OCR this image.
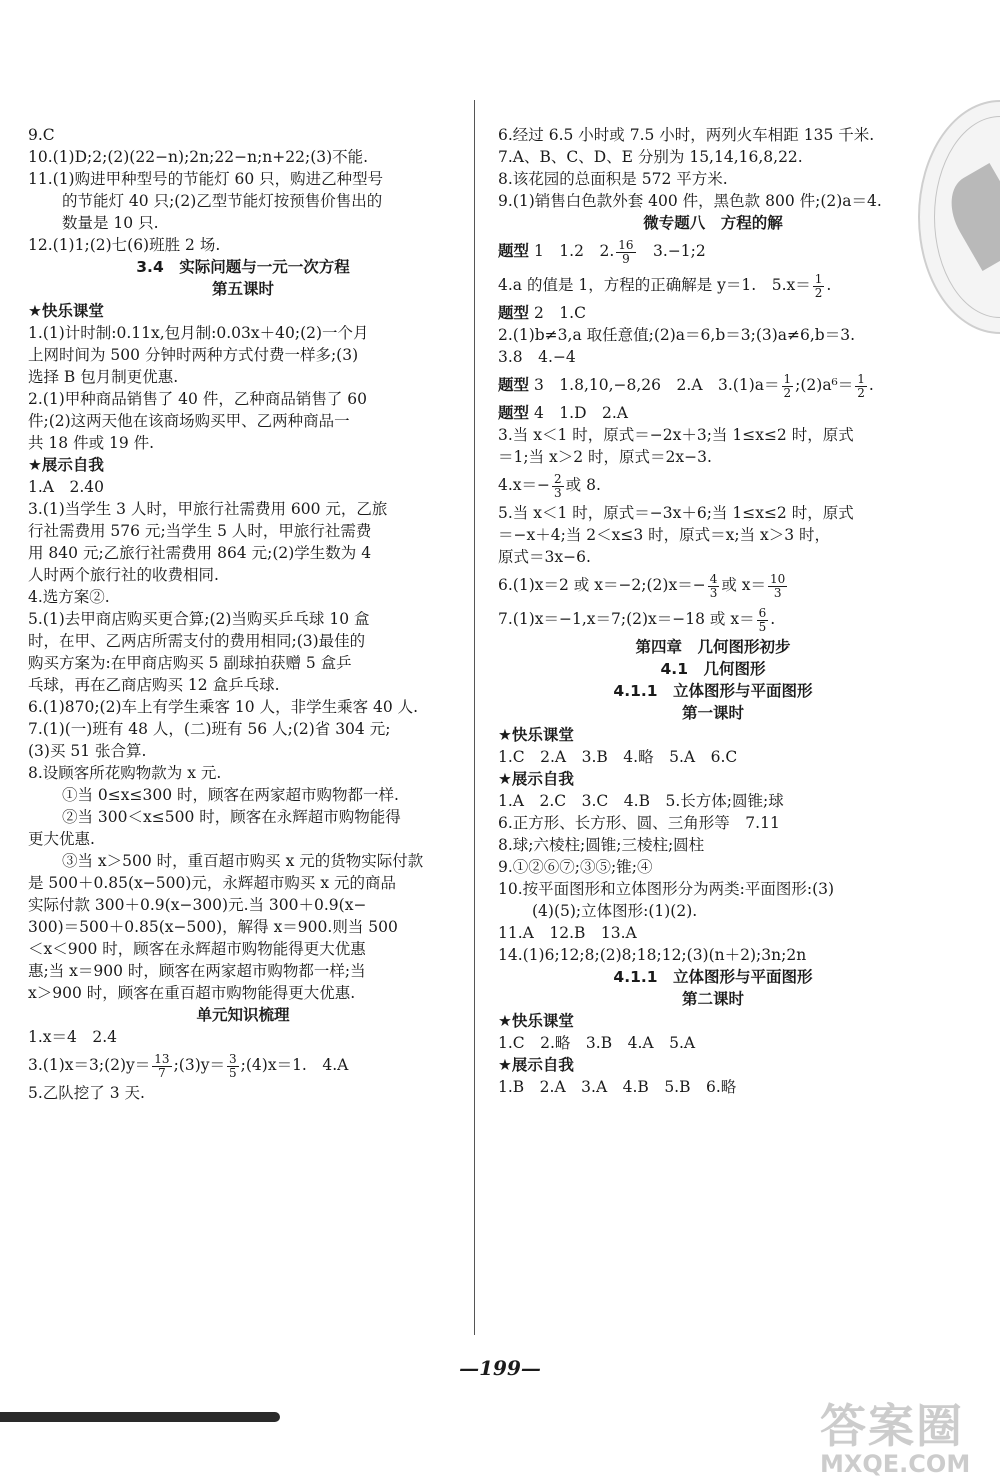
9.C
10.(1)D;2;(2)(22−n);2n;22−n;n+22;(3)不能.
11.(1)购进甲种型号的节能灯 60 只，购进乙种型号
的节能灯 40 只;(2)乙型节能灯按预售价售出的
数量是 10 只.
12.(1)1;(2)七(6)班胜 2 场.
3.4　实际问题与一元一次方程
第五课时
★快乐课堂
1.(1)计时制:0.11x,包月制:0.03x＋40;(2)一个月
上网时间为 500 分钟时两种方式付费一样多;(3)
选择 B 包月制更优惠.
2.(1)甲种商品销售了 40 件，乙种商品销售了 60
件;(2)这两天他在该商场购买甲、乙两种商品一
共 18 件或 19 件.
★展示自我
1.A　2.40
3.(1)当学生 3 人时，甲旅行社需费用 600 元，乙旅
行社需费用 576 元;当学生 5 人时，甲旅行社需费
用 840 元;乙旅行社需费用 864 元;(2)学生数为 4
人时两个旅行社的收费相同.
4.选方案②.
5.(1)去甲商店购买更合算;(2)当购买乒乓球 10 盒
时，在甲、乙两店所需支付的费用相同;(3)最佳的
购买方案为:在甲商店购买 5 副球拍获赠 5 盒乒
乓球，再在乙商店购买 12 盒乒乓球.
6.(1)870;(2)车上有学生乘客 10 人，非学生乘客 40 人.
7.(1)(一)班有 48 人，(二)班有 56 人;(2)省 304 元;
(3)买 51 张合算.
8.设顾客所花购物款为 x 元.
①当 0≤x≤300 时，顾客在两家超市购物都一样.
②当 300＜x≤500 时，顾客在永辉超市购物能得
更大优惠.
③当 x＞500 时，重百超市购买 x 元的货物实际付款
是 500＋0.85(x−500)元，永辉超市购买 x 元的商品
实际付款 300＋0.9(x−300)元.当 300＋0.9(x−
300)＝500＋0.85(x−500)，解得 x＝900.则当 500
＜x＜900 时，顾客在永辉超市购物能得更大优惠
惠;当 x＝900 时，顾客在两家超市购物都一样;当
x＞900 时，顾客在重百超市购物能得更大优惠.
单元知识梳理
1.x＝4　2.4
3.(1)x＝3;(2)y＝ $\frac{13}{7}$ ;(3)y＝ $\frac{3}{5}$ ;(4)x＝1.　4.A
5.乙队挖了 3 天.
6.经过 6.5 小时或 7.5 小时，两列火车相距 135 千米.
7.A、B、C、D、E 分别为 15,14,16,8,22.
8.该花园的总面积是 572 平方米.
9.(1)销售白色款外套 400 件，黑色款 800 件;(2)a＝4.
微专题八　方程的解
题型 1　1.2　2. $\frac{16}{9}$ 　3.−1;2
4.a 的值是 1，方程的正确解是 y＝1.　$5.x= \frac{1}{2}$ .
题型 2　1.C
2.(1)b≠3,a 取任意值;(2)a＝6,b＝3;(3)a≠6,b＝3.
3.8　4.−4
题型 3　1.8,10,−8,26　2.A　$3.(1)a= \frac{1}{2}$ ;(2)a⁶＝ $\frac{1}{2}$ .
题型 4　1.D　2.A
3.当 x＜1 时，原式＝−2x＋3;当 1≤x≤2 时，原式
＝1;当 x＞2 时，原式＝2x−3.
$4.x=- \frac{2}{3}$ 或 8.
5.当 x＜1 时，原式＝−3x＋6;当 1≤x≤2 时，原式
＝−x＋4;当 2＜x≤3 时，原式＝x;当 x＞3 时，
原式＝3x−6.
6.(1)x＝2 或 x＝−2;(2)x＝− $\frac{4}{3}$ 或 $x= \frac{10}{3}$
7.(1)x＝−1,x＝7;(2)x＝−18 或 $x= \frac{6}{5}$ .
第四章　几何图形初步
4.1　几何图形
4.1.1　立体图形与平面图形
第一课时
★快乐课堂
1.C　2.A　3.B　4.略　5.A　6.C
★展示自我
1.A　2.C　3.C　4.B　5.长方体;圆锥;球
6.正方形、长方形、圆、三角形等　7.11
8.球;六棱柱;圆锥;三棱柱;圆柱
9.①②⑥⑦;③⑤;锥;④
10.按平面图形和立体图形分为两类:平面图形:(3)
(4)(5);立体图形:(1)(2).
11.A　12.B　13.A
14.(1)6;12;8;(2)8;18;12;(3)(n＋2);3n;2n
4.1.1　立体图形与平面图形
第二课时
★快乐课堂
1.C　2.略　3.B　4.A　5.A
★展示自我
1.B　2.A　3.A　4.B　5.B　6.略
—199—
答案圈
MXQE.COM
